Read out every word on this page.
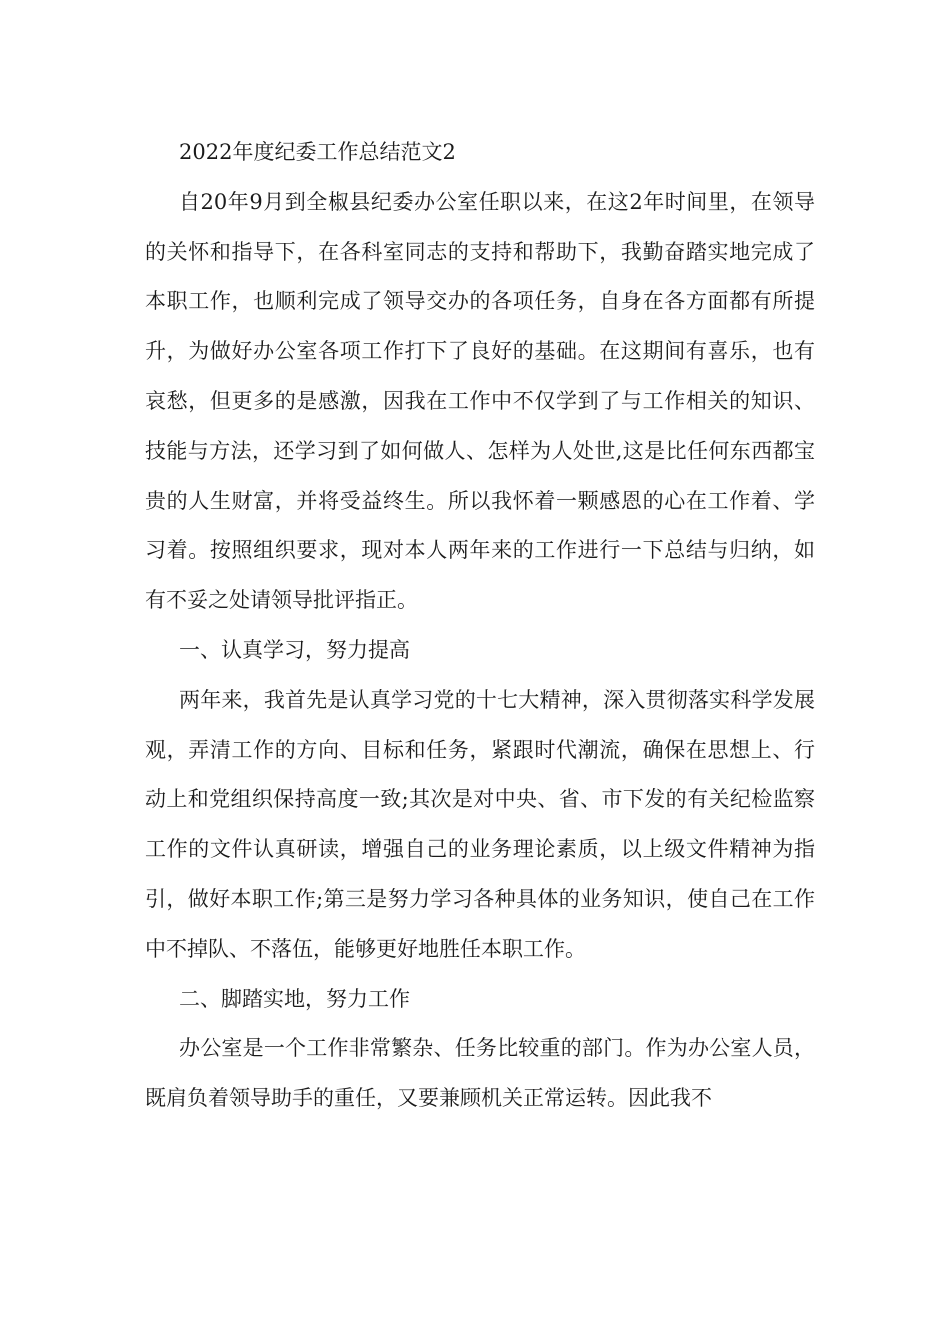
2022年度纪委工作总结范文2

自20年9月到全椒县纪委办公室任职以来，在这2年时间里，在领导的关怀和指导下，在各科室同志的支持和帮助下，我勤奋踏实地完成了本职工作，也顺利完成了领导交办的各项任务，自身在各方面都有所提升，为做好办公室各项工作打下了良好的基础。在这期间有喜乐，也有哀愁，但更多的是感激，因我在工作中不仅学到了与工作相关的知识、技能与方法，还学习到了如何做人、怎样为人处世,这是比任何东西都宝贵的人生财富，并将受益终生。所以我怀着一颗感恩的心在工作着、学习着。按照组织要求，现对本人两年来的工作进行一下总结与归纳，如有不妥之处请领导批评指正。

一、认真学习，努力提高

两年来，我首先是认真学习党的十七大精神，深入贯彻落实科学发展观，弄清工作的方向、目标和任务，紧跟时代潮流，确保在思想上、行动上和党组织保持高度一致;其次是对中央、省、市下发的有关纪检监察工作的文件认真研读，增强自己的业务理论素质，以上级文件精神为指引，做好本职工作;第三是努力学习各种具体的业务知识，使自己在工作中不掉队、不落伍，能够更好地胜任本职工作。

二、脚踏实地，努力工作

办公室是一个工作非常繁杂、任务比较重的部门。作为办公室人员，既肩负着领导助手的重任，又要兼顾机关正常运转。因此我不
